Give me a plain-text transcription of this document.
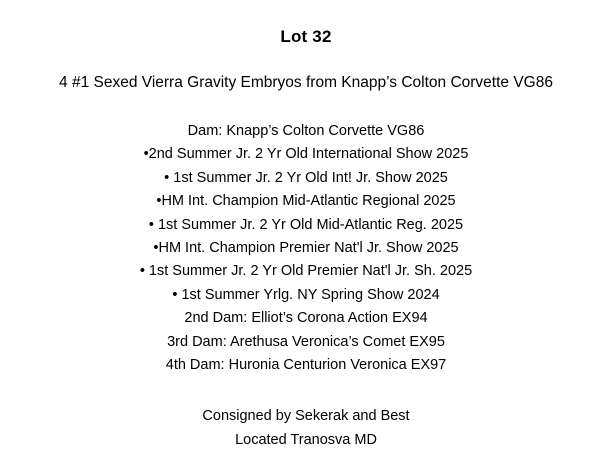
Lot 32
4 #1 Sexed Vierra Gravity Embryos from Knapp’s Colton Corvette VG86
Dam: Knapp’s Colton Corvette VG86
•2nd Summer Jr. 2 Yr Old International Show 2025
• 1st Summer Jr. 2 Yr Old Int! Jr. Show 2025
•HM Int. Champion Mid-Atlantic Regional 2025
• 1st Summer Jr. 2 Yr Old Mid-Atlantic Reg. 2025
•HM Int. Champion Premier Nat'l Jr. Show 2025
• 1st Summer Jr. 2 Yr Old Premier Nat'l Jr. Sh. 2025
• 1st Summer Yrlg. NY Spring Show 2024
2nd Dam: Elliot’s Corona Action EX94
3rd Dam: Arethusa Veronica’s Comet EX95
4th Dam: Huronia Centurion Veronica EX97
Consigned by Sekerak and Best
Located Tranosva MD
